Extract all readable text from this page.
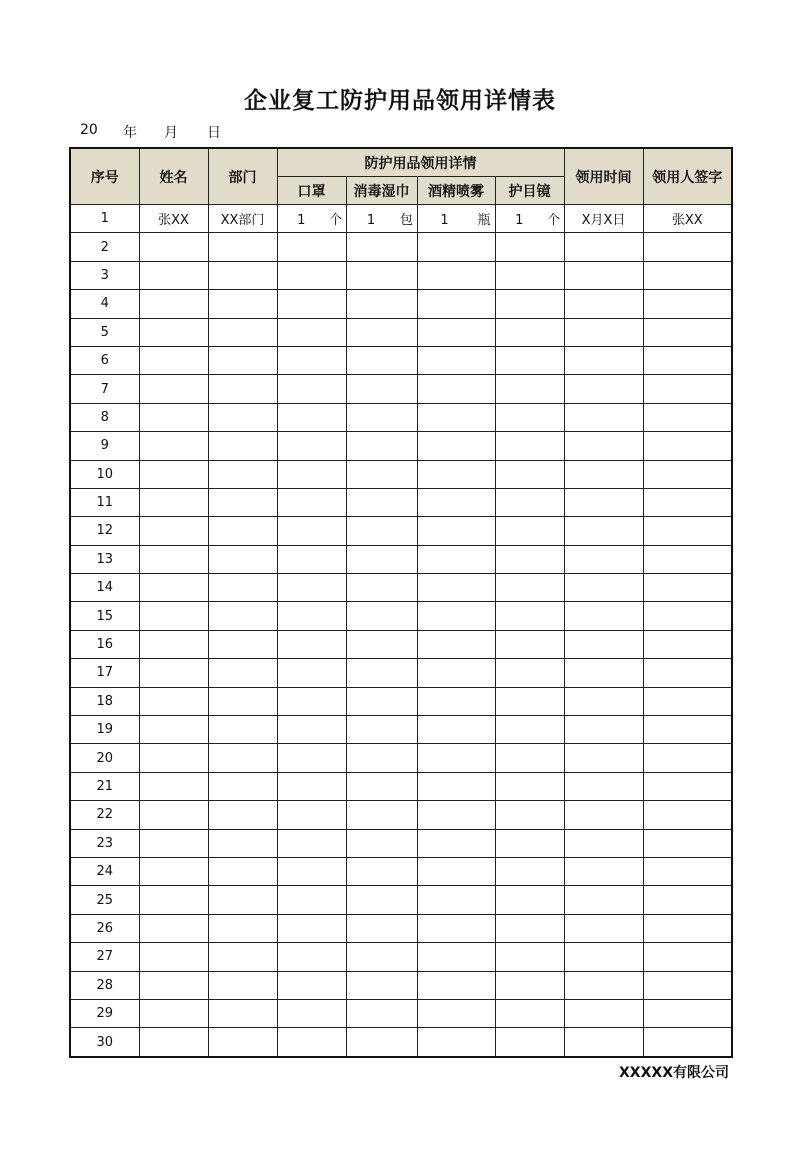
企业复工防护用品领用详情表
20 年 月 日
序号	姓名	部门	防护用品领用详情				领用时间	领用人签字
			口罩	消毒湿巾	酒精喷雾	护目镜		
1	张XX	XX部门	1 个	1 包	1 瓶	1 个	X月X日	张XX
2								
3								
4								
5								
6								
7								
8								
9								
10								
11								
12								
13								
14								
15								
16								
17								
18								
19								
20								
21								
22								
23								
24								
25								
26								
27								
28								
29								
30								
XXXXX有限公司
